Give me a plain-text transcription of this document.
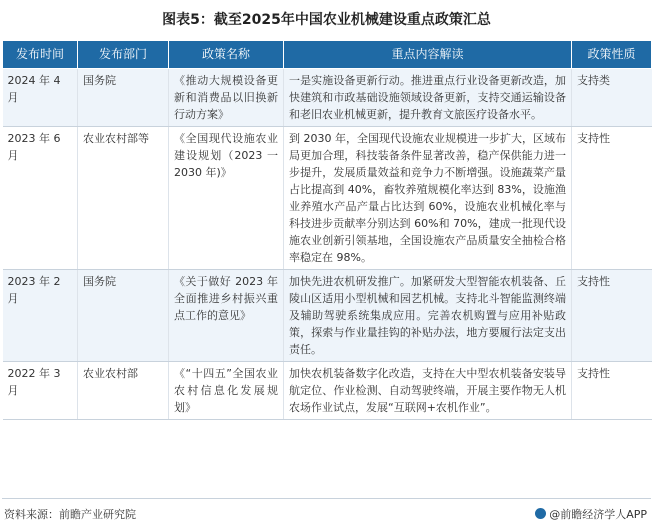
图表5：截至2025年中国农业机械建设重点政策汇总
发布时间	发布部门	政策名称	重点内容解读	政策性质
2024 年 4 月	国务院	《推动大规模设备更新和消费品以旧换新行动方案》	一是实施设备更新行动。推进重点行业设备更新改造，加快建筑和市政基础设施领域设备更新，支持交通运输设备和老旧农业机械更新，提升教育文旅医疗设备水平。	支持类
2023 年 6 月	农业农村部等	《全国现代设施农业建设规划（2023 一 2030 年)》	到 2030 年，全国现代设施农业规模进一步扩大，区域布局更加合理，科技装备条件显著改善，稳产保供能力进一步提升，发展质量效益和竞争力不断增强。设施蔬菜产量占比提高到 40%，畜牧养殖规模化率达到 83%，设施渔业养殖水产品产量占比达到 60%，设施农业机械化率与科技进步贡献率分别达到 60%和 70%，建成一批现代设施农业创新引领基地，全国设施农产品质量安全抽检合格率稳定在 98%。	支持性
2023 年 2 月	国务院	《关于做好 2023 年全面推进乡村振兴重点工作的意见》	加快先进农机研发推广。加紧研发大型智能农机装备、丘陵山区适用小型机械和园艺机械。支持北斗智能监测终端及辅助驾驶系统集成应用。完善农机购置与应用补贴政策，探索与作业量挂钩的补贴办法，地方要履行法定支出责任。	支持性
2022 年 3 月	农业农村部	《“十四五”全国农业农村信息化发展规划》	加快农机装备数字化改造，支持在大中型农机装备安装导航定位、作业检测、自动驾驶终端，开展主要作物无人机农场作业试点，发展“互联网+农机作业”。	支持性
资料来源：前瞻产业研究院	@前瞻经济学人APP
